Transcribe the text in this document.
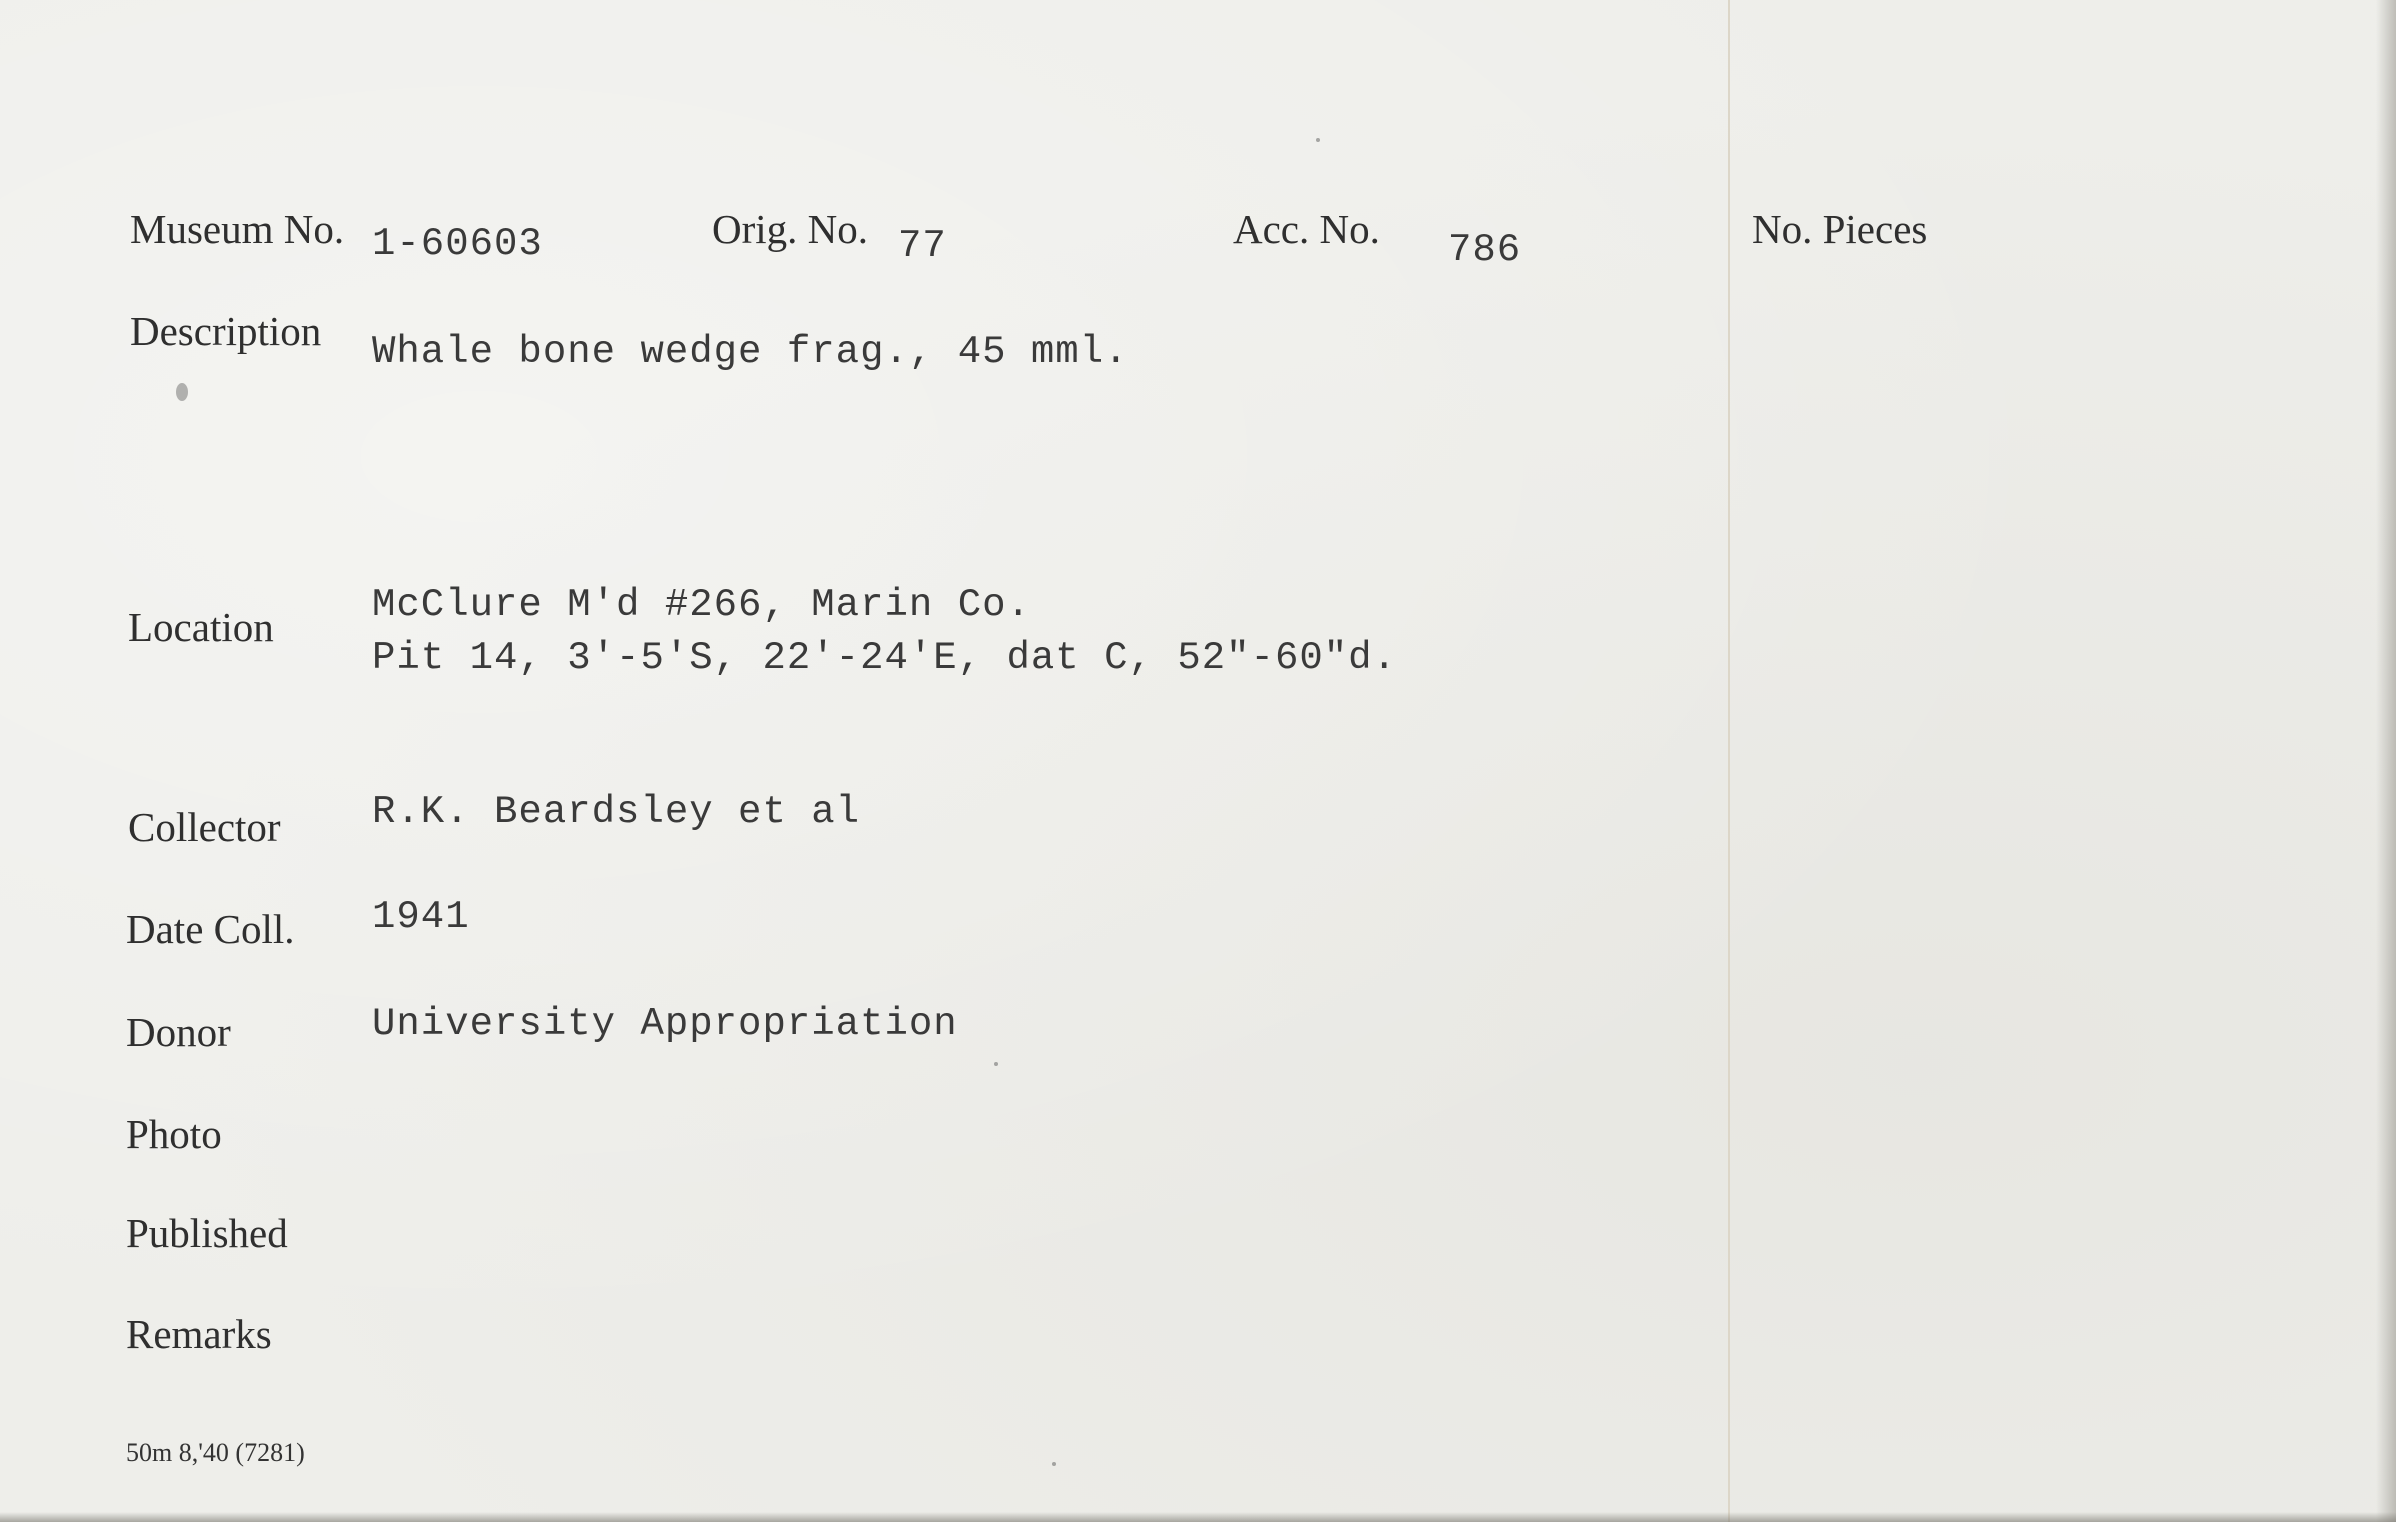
Museum No. 1-60603	Orig. No. 77	Acc. No. 786	No. Pieces
Description Whale bone wedge frag., 45 mml.
Location	McClure M'd #266, Marin Co.
Pit 14, 3'-5'S, 22'-24'E, dat C, 52"-60"d.
Collector R.K. Beardsley et al
Date Coll. 1941
Donor	University Appropriation
Photo
Published
Remarks
50m 8,'40 (7281)
